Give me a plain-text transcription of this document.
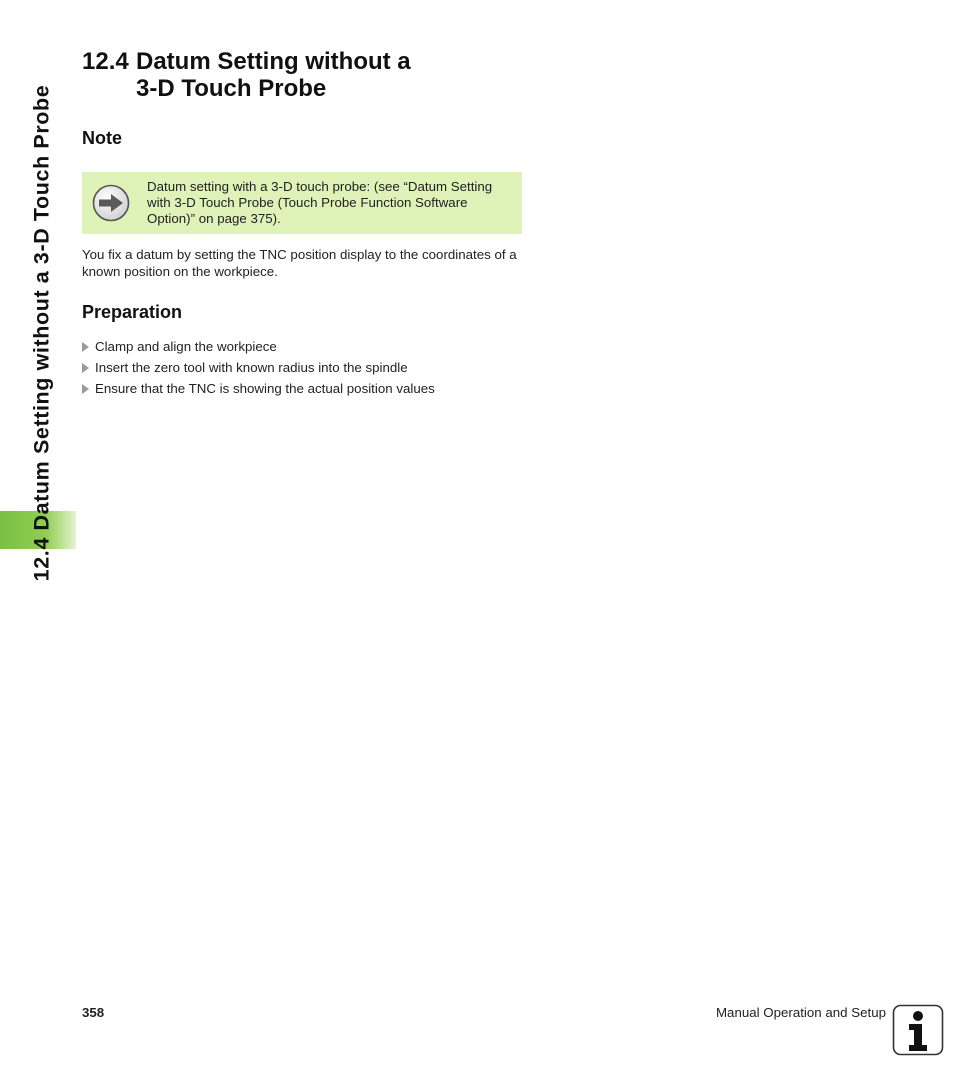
12.4 Datum Setting without a 3-D Touch Probe
12.4 Datum Setting without a
3-D Touch Probe
Note
Datum setting with a 3-D touch probe: (see “Datum Setting with 3-D Touch Probe (Touch Probe Function Software Option)” on page 375).
You fix a datum by setting the TNC position display to the coordinates of a known position on the workpiece.
Preparation
Clamp and align the workpiece
Insert the zero tool with known radius into the spindle
Ensure that the TNC is showing the actual position values
358	Manual Operation and Setup
